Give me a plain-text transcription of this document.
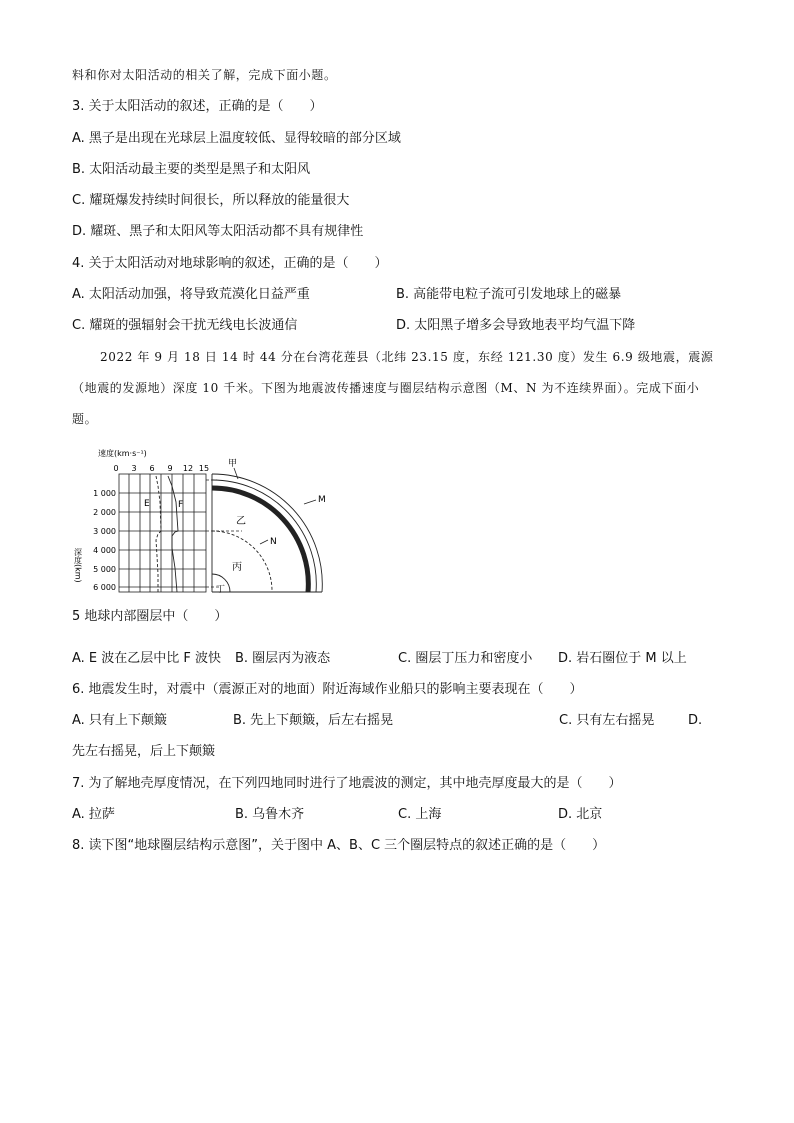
料和你对太阳活动的相关了解，完成下面小题。
3. 关于太阳活动的叙述，正确的是（　　）
A. 黑子是出现在光球层上温度较低、显得较暗的部分区域
B. 太阳活动最主要的类型是黑子和太阳风
C. 耀斑爆发持续时间很长，所以释放的能量很大
D. 耀斑、黑子和太阳风等太阳活动都不具有规律性
4. 关于太阳活动对地球影响的叙述，正确的是（　　）
A. 太阳活动加强，将导致荒漠化日益严重	B. 高能带电粒子流可引发地球上的磁暴
C. 耀斑的强辐射会干扰无线电长波通信	D. 太阳黑子增多会导致地表平均气温下降
2022 年 9 月 18 日 14 时 44 分在台湾花莲县（北纬 23.15 度，东经 121.30 度）发生 6.9 级地震，震源（地震的发源地）深度 10 千米。下图为地震波传播速度与圈层结构示意图（M、N 为不连续界面）。完成下面小题。
速度(km·s⁻¹)
0 3 6 9 12 15
1 000
2 000
3 000
4 000
5 000
6 000
深度(km)
E	F
甲
乙
丙
丁
M
N
5 地球内部圈层中（　　）
A. E 波在乙层中比 F 波快 B. 圈层丙为液态	C. 圈层丁压力和密度小 D. 岩石圈位于 M 以上
6. 地震发生时，对震中（震源正对的地面）附近海域作业船只的影响主要表现在（　　）
A. 只有上下颠簸	B. 先上下颠簸，后左右摇晃	C. 只有左右摇晃	D.
先左右摇晃，后上下颠簸
7. 为了解地壳厚度情况，在下列四地同时进行了地震波的测定，其中地壳厚度最大的是（　　）
A. 拉萨	B. 乌鲁木齐	C. 上海	D. 北京
8. 读下图“地球圈层结构示意图”，关于图中 A、B、C 三个圈层特点的叙述正确的是（　　）
